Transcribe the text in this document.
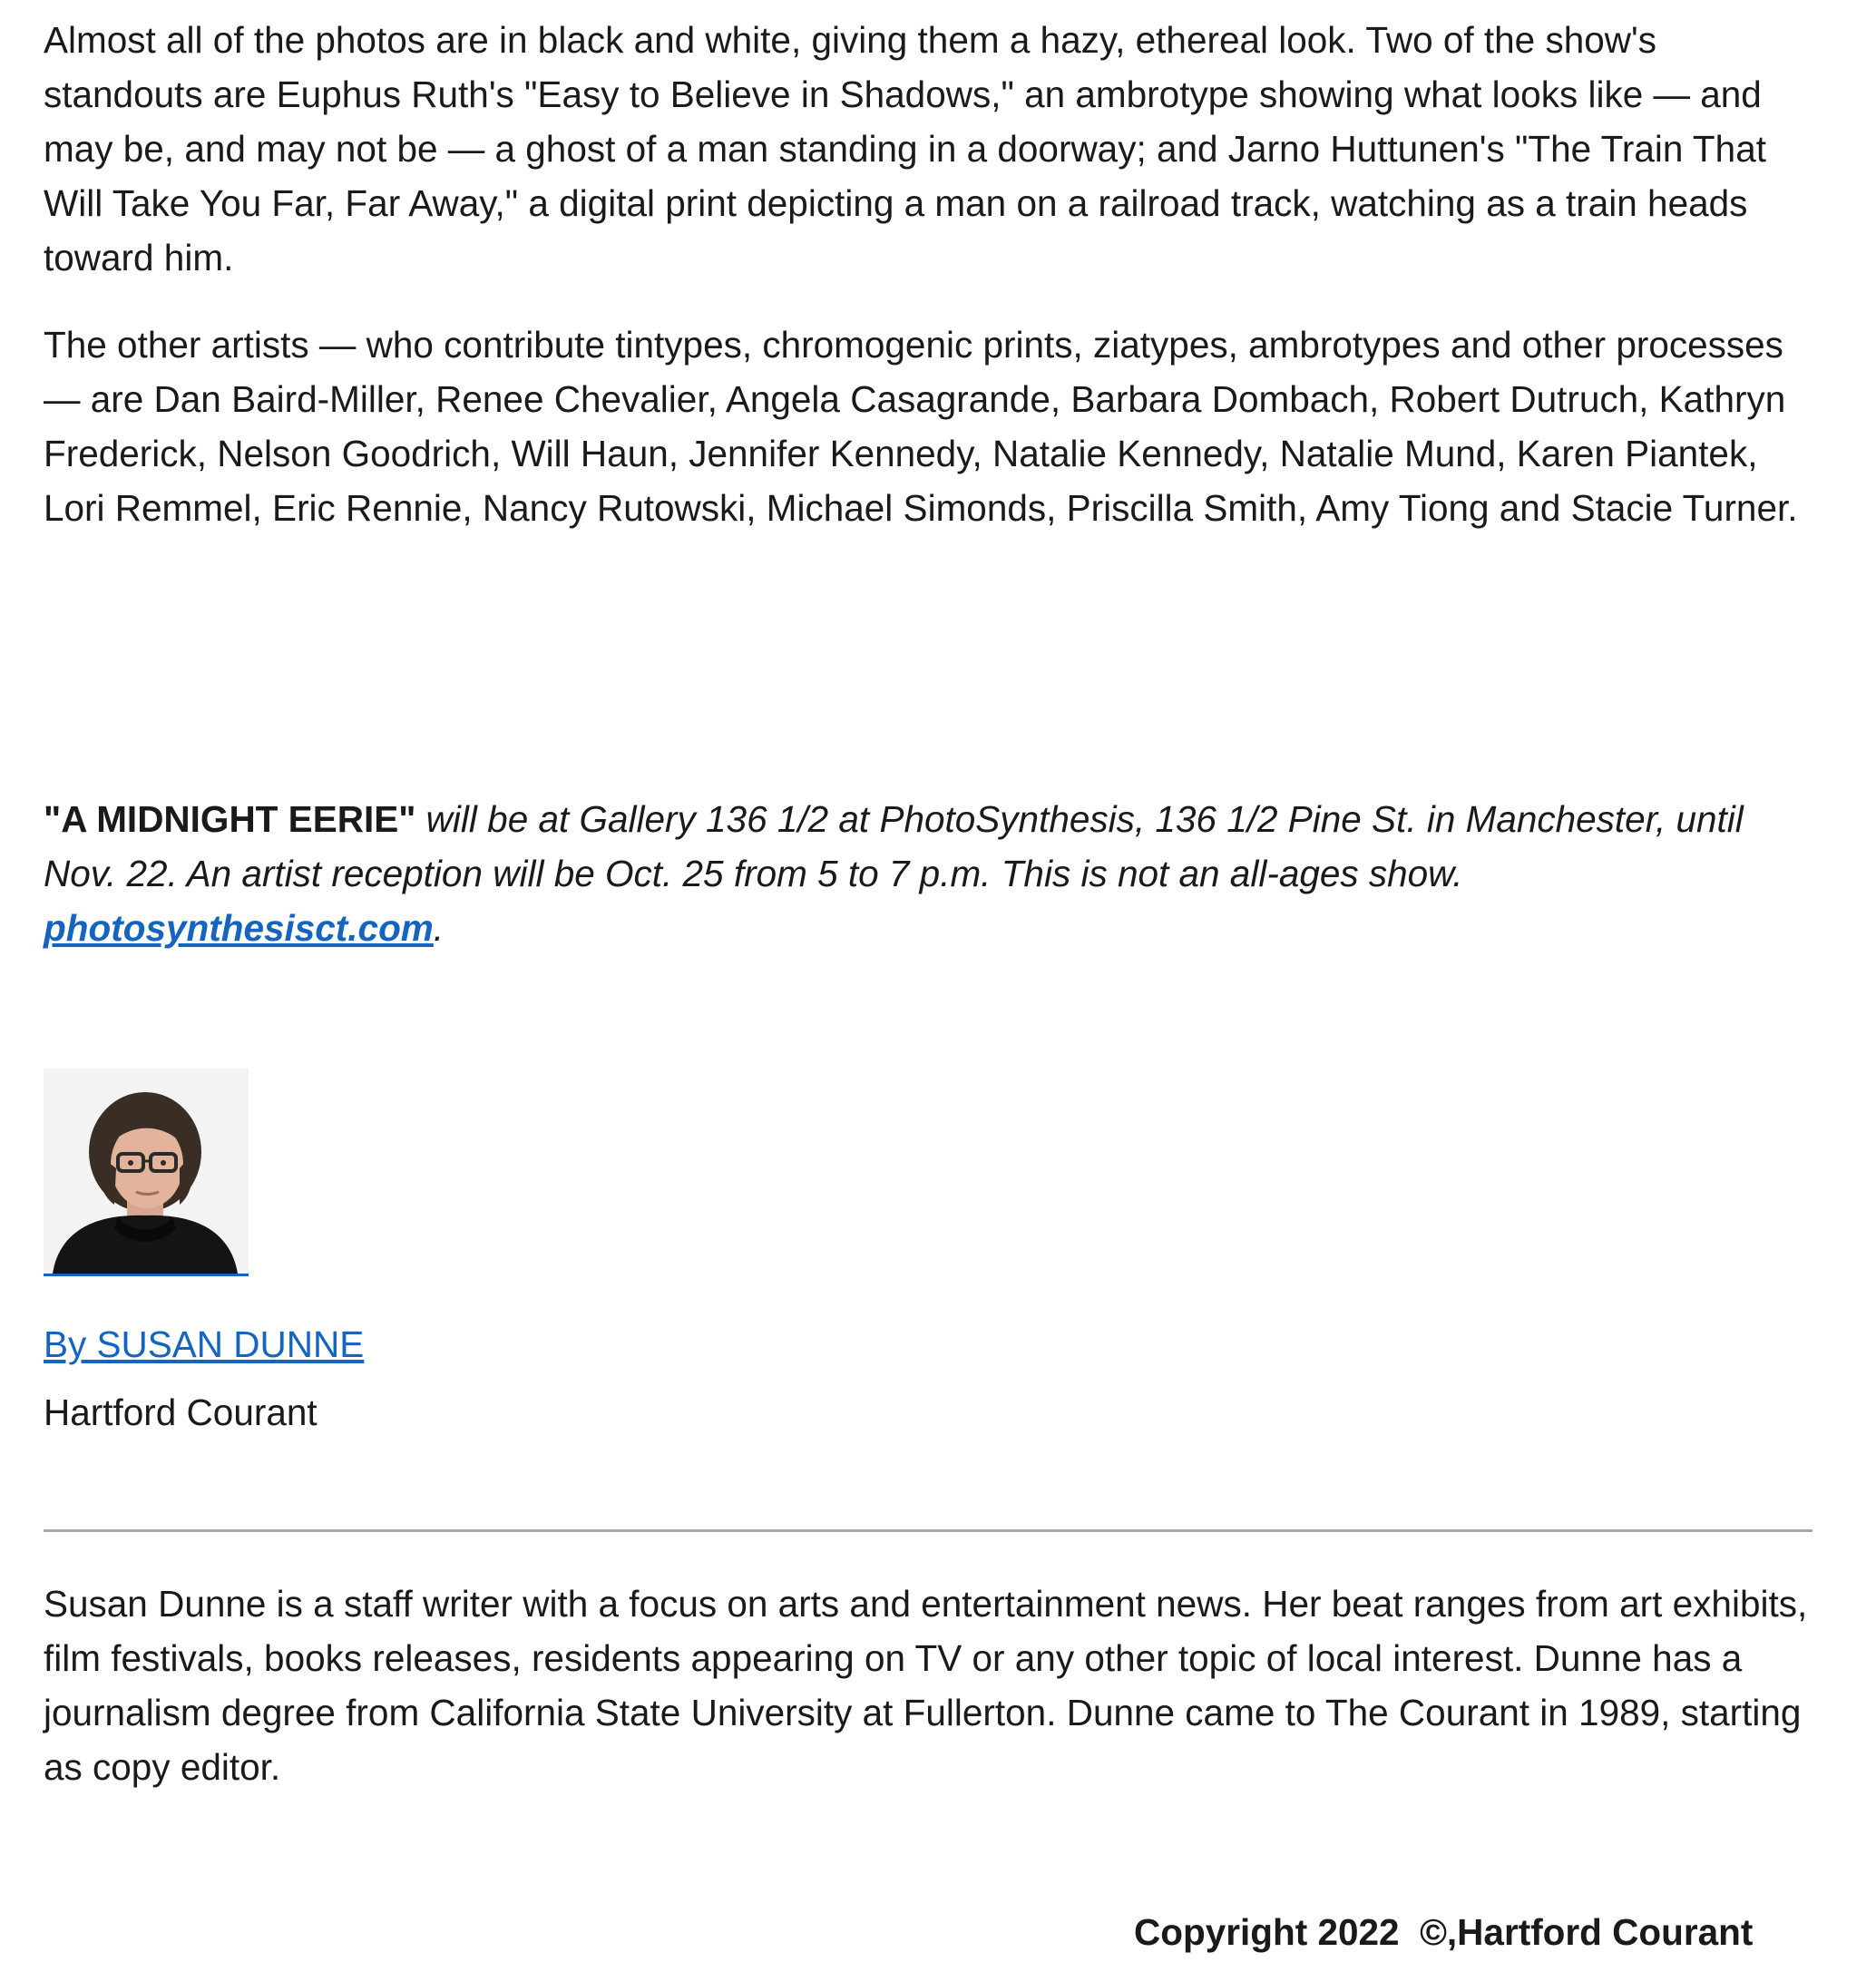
Almost all of the photos are in black and white, giving them a hazy, ethereal look. Two of the show's standouts are Euphus Ruth's "Easy to Believe in Shadows," an ambrotype showing what looks like — and may be, and may not be — a ghost of a man standing in a doorway; and Jarno Huttunen's "The Train That Will Take You Far, Far Away," a digital print depicting a man on a railroad track, watching as a train heads toward him.

The other artists — who contribute tintypes, chromogenic prints, ziatypes, ambrotypes and other processes — are Dan Baird-Miller, Renee Chevalier, Angela Casagrande, Barbara Dombach, Robert Dutruch, Kathryn Frederick, Nelson Goodrich, Will Haun, Jennifer Kennedy, Natalie Kennedy, Natalie Mund, Karen Piantek, Lori Remmel, Eric Rennie, Nancy Rutowski, Michael Simonds, Priscilla Smith, Amy Tiong and Stacie Turner.

"A MIDNIGHT EERIE" will be at Gallery 136 1/2 at PhotoSynthesis, 136 1/2 Pine St. in Manchester, until Nov. 22. An artist reception will be Oct. 25 from 5 to 7 p.m. This is not an all-ages show. photosynthesisct.com.

By SUSAN DUNNE
Hartford Courant

Susan Dunne is a staff writer with a focus on arts and entertainment news. Her beat ranges from art exhibits, film festivals, books releases, residents appearing on TV or any other topic of local interest. Dunne has a journalism degree from California State University at Fullerton. Dunne came to The Courant in 1989, starting as copy editor.

Copyright 2022  ©,Hartford Courant
